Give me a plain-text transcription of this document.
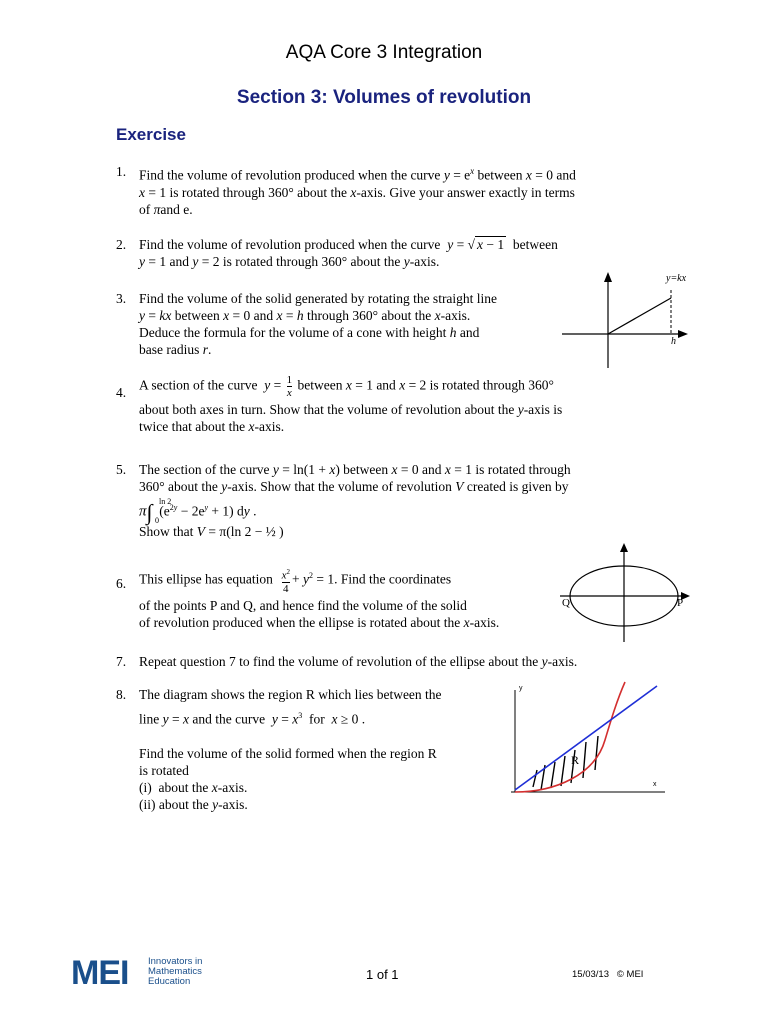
AQA Core 3 Integration
Section 3: Volumes of revolution
Exercise
1. Find the volume of revolution produced when the curve $y = e^x$ between x = 0 and
x = 1 is rotated through 360° about the x-axis. Give your answer exactly in terms
of πand e.
2. Find the volume of revolution produced when the curve  y = √ x − 1  between
y = 1 and y = 2 is rotated through 360° about the y-axis.
3. Find the volume of the solid generated by rotating the straight line
y = kx between x = 0 and x = h through 360° about the x-axis.
Deduce the formula for the volume of a cone with height h and
base radius r.
y=kx
h
4. A section of the curve  $y = \frac{1}{x}$ between x = 1 and x = 2 is rotated through 360°
about both axes in turn. Show that the volume of revolution about the y-axis is
twice that about the x-axis.
5. The section of the curve y = ln(1 + x) between x = 0 and x = 1 is rotated through
360° about the y-axis. Show that the volume of revolution V created is given by
π∫ ln 2
0
$(e^{2y} - 2e^y + 1)$ dy .
Show that V = π(ln 2 − ½ )
6. This ellipse has equation $\frac{x^2}{4} + y^2 = 1$. Find the coordinates
of the points P and Q, and hence find the volume of the solid
of revolution produced when the ellipse is rotated about the x-axis.
Q	P
7. Repeat question 7 to find the volume of revolution of the ellipse about the y-axis.
8. The diagram shows the region R which lies between the
line y = x and the curve  $y = x^3$  for  x ≥ 0 .
Find the volume of the solid formed when the region R
is rotated
(i)  about the x-axis.
(ii) about the y-axis.
y
x
R
MEI Innovators in
Mathematics
Education	1 of 1	15/03/13 © MEI
